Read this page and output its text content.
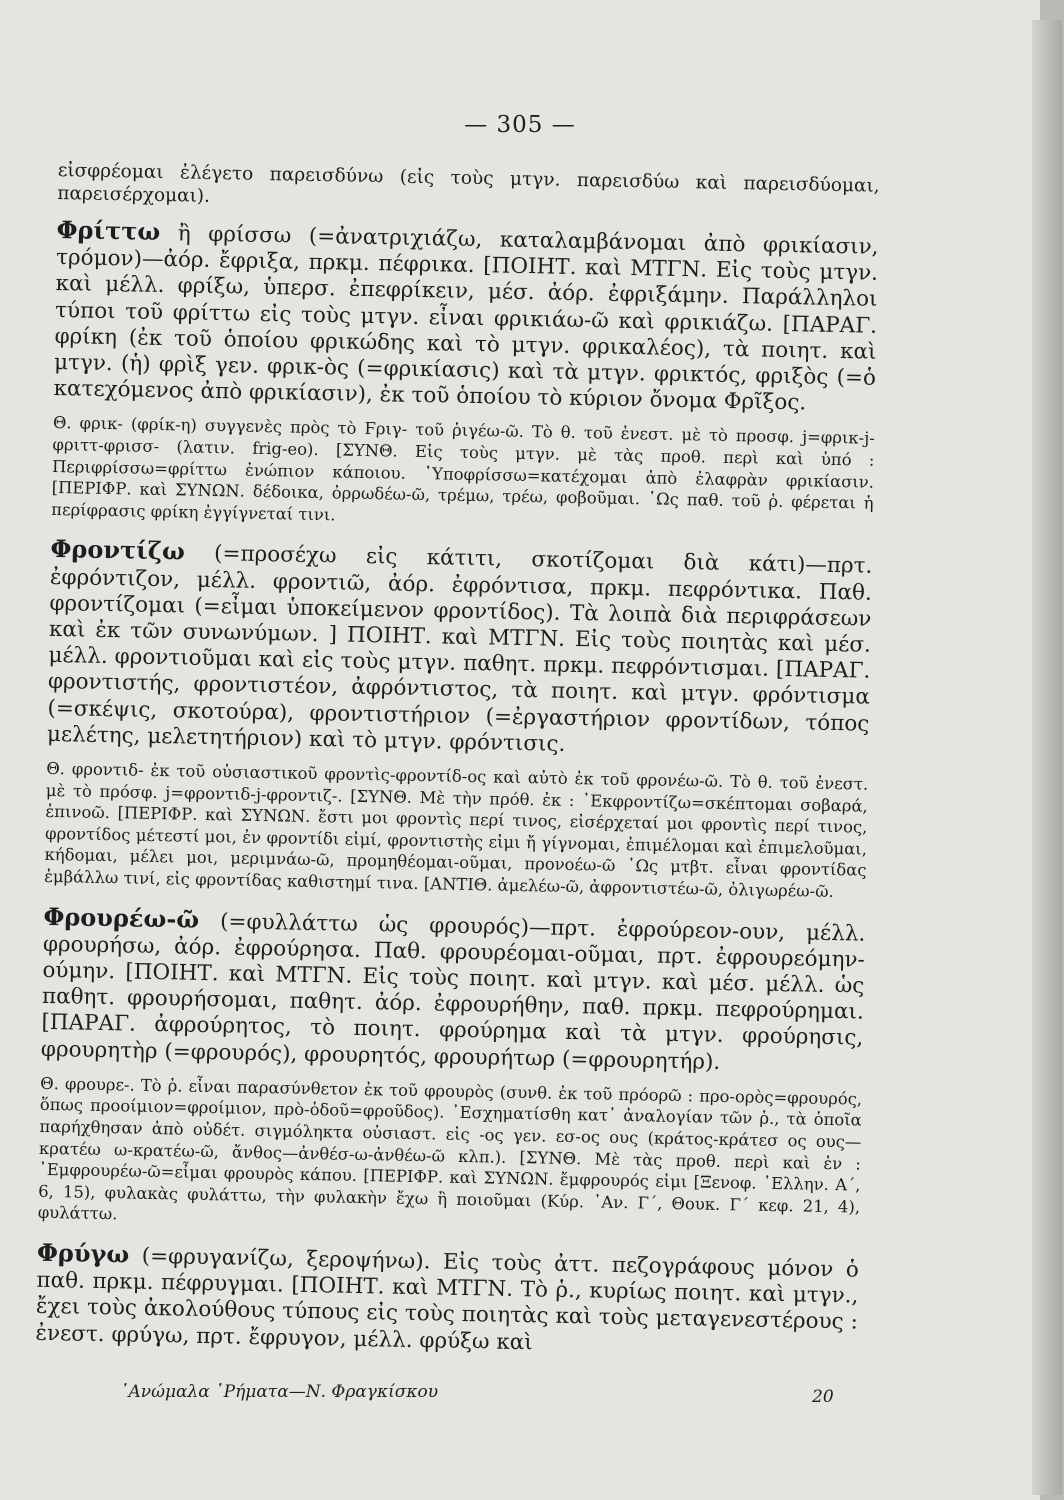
— 305 —

εἰσφρέομαι ἐλέγετο παρεισδύνω (εἰς τοὺς μτγν. παρεισδύω καὶ παρεισδύομαι, παρεισέρχομαι).

Φρίττω ἢ φρίσσω (=ἀνατριχιάζω, καταλαμβάνομαι ἀπὸ φρικίασιν, τρόμον)—ἀόρ. ἔφριξα, πρκμ. πέφρικα. [ΠΟΙΗΤ. καὶ ΜΤΓΝ. Εἰς τοὺς μτγν. καὶ μέλλ. φρίξω, ὑπερσ. ἐπεφρίκειν, μέσ. ἀόρ. ἐφριξάμην. Παράλληλοι τύποι τοῦ φρίττω εἰς τοὺς μτγν. εἶναι φρικιάω-ῶ καὶ φρικιάζω. [ΠΑΡΑΓ. φρίκη (ἐκ τοῦ ὁποίου φρικώδης καὶ τὸ μτγν. φρικαλέος), τὰ ποιητ. καὶ μτγν. (ἡ) φρὶξ γεν. φρικ-ὸς (=φρικίασις) καὶ τὰ μτγν. φρικτός, φριξὸς (=ὁ κατεχόμενος ἀπὸ φρικίασιν), ἐκ τοῦ ὁποίου τὸ κύριον ὄνομα Φρῖξος.

Θ. φρικ- (φρίκ-η) συγγενὲς πρὸς τὸ Ϝριγ- τοῦ ῥιγέω-ῶ. Τὸ θ. τοῦ ἐνεστ. μὲ τὸ προσφ. j=φρικ-j-φριττ-φρισσ- (λατιν. frig-eo). [ΣΥΝΘ. Εἰς τοὺς μτγν. μὲ τὰς προθ. περὶ καὶ ὑπό : Περιφρίσσω=φρίττω ἐνώπιον κάποιου. ῾Υποφρίσσω=κατέχομαι ἀπὸ ἐλαφρὰν φρικίασιν. [ΠΕΡΙΦΡ. καὶ ΣΥΝΩΝ. δέδοικα, ὀρρωδέω-ῶ, τρέμω, τρέω, φοβοῦμαι. ῾Ως παθ. τοῦ ῥ. φέρεται ἡ περίφρασις φρίκη ἐγγίγνεταί τινι.

Φροντίζω (=προσέχω εἰς κάτιτι, σκοτίζομαι διὰ κάτι)—πρτ. ἐφρόντιζον, μέλλ. φροντιῶ, ἀόρ. ἐφρόντισα, πρκμ. πεφρόντικα. Παθ. φροντίζομαι (=εἶμαι ὑποκείμενον φροντίδος). Τὰ λοιπὰ διὰ περιφράσεων καὶ ἐκ τῶν συνωνύμων. ] ΠΟΙΗΤ. καὶ ΜΤΓΝ. Εἰς τοὺς ποιητὰς καὶ μέσ. μέλλ. φροντιοῦμαι καὶ εἰς τοὺς μτγν. παθητ. πρκμ. πεφρόντισμαι. [ΠΑΡΑΓ. φροντιστής, φροντιστέον, ἀφρόντιστος, τὰ ποιητ. καὶ μτγν. φρόντισμα (=σκέψις, σκοτούρα), φροντιστήριον (=ἐργαστήριον φροντίδων, τόπος μελέτης, μελετητήριον) καὶ τὸ μτγν. φρόντισις.

Θ. φροντιδ- ἐκ τοῦ οὐσιαστικοῦ φροντὶς-φροντίδ-ος καὶ αὐτὸ ἐκ τοῦ φρονέω-ῶ. Τὸ θ. τοῦ ἐνεστ. μὲ τὸ πρόσφ. j=φροντιδ-j-φροντιζ-. [ΣΥΝΘ. Μὲ τὴν πρόθ. ἐκ : ᾿Εκφροντίζω=σκέπτομαι σοβαρά, ἐπινοῶ. [ΠΕΡΙΦΡ. καὶ ΣΥΝΩΝ. ἔστι μοι φροντὶς περί τινος, εἰσέρχεταί μοι φροντὶς περί τινος, φροντίδος μέτεστί μοι, ἐν φροντίδι εἰμί, φροντιστὴς εἰμι ἤ γίγνομαι, ἐπιμέλομαι καὶ ἐπιμελοῦμαι, κήδομαι, μέλει μοι, μεριμνάω-ῶ, προμηθέομαι-οῦμαι, προνοέω-ῶ ῾Ως μτβτ. εἶναι φροντίδας ἐμβάλλω τινί, εἰς φροντίδας καθιστημί τινα. [ΑΝΤΙΘ. ἀμελέω-ῶ, ἀφροντιστέω-ῶ, ὀλιγωρέω-ῶ.

Φρουρέω-ῶ (=φυλλάττω ὡς φρουρός)—πρτ. ἐφρούρεον-ουν, μέλλ. φρουρήσω, ἀόρ. ἐφρούρησα. Παθ. φρουρέομαι-οῦμαι, πρτ. ἐφρουρεόμην-ούμην. [ΠΟΙΗΤ. καὶ ΜΤΓΝ. Εἰς τοὺς ποιητ. καὶ μτγν. καὶ μέσ. μέλλ. ὡς παθητ. φρουρήσομαι, παθητ. ἀόρ. ἐφρουρήθην, παθ. πρκμ. πεφρούρημαι. [ΠΑΡΑΓ. ἀφρούρητος, τὸ ποιητ. φρούρημα καὶ τὰ μτγν. φρούρησις, φρουρητὴρ (=φρουρός), φρουρητός, φρουρήτωρ (=φρουρητήρ).

Θ. φρουρε-. Τὸ ῥ. εἶναι παρασύνθετον ἐκ τοῦ φρουρὸς (συνθ. ἐκ τοῦ πρόορῶ : προ-ορὸς=φρουρός, ὅπως προοίμιον=φροίμιον, πρὸ-ὁδοῦ=φροῦδος). ᾿Εσχηματίσθη κατ᾿ ἀναλογίαν τῶν ῥ., τὰ ὁποῖα παρήχθησαν ἀπὸ οὐδέτ. σιγμόληκτα οὐσιαστ. εἰς -ος γεν. εσ-ος ους (κράτος-κράτεσ ος ους—κρατέω ω-κρατέω-ῶ, ἄνθος—ἀνθέσ-ω-ἀνθέω-ῶ κλπ.). [ΣΥΝΘ. Μὲ τὰς προθ. περὶ καὶ ἐν : ᾿Εμφρουρέω-ῶ=εἶμαι φρουρὸς κάπου. [ΠΕΡΙΦΡ. καὶ ΣΥΝΩΝ. ἔμφρουρός εἰμι [Ξενοφ. ῾Ελλην. Α΄, 6, 15), φυλακὰς φυλάττω, τὴν φυλακὴν ἔχω ἢ ποιοῦμαι (Κύρ. ᾿Αν. Γ΄, Θουκ. Γ΄ κεφ. 21, 4), φυλάττω.

Φρύγω (=φρυγανίζω, ξεροψήνω). Εἰς τοὺς ἀττ. πεζογράφους μόνον ὁ παθ. πρκμ. πέφρυγμαι. [ΠΟΙΗΤ. καὶ ΜΤΓΝ. Τὸ ῥ., κυρίως ποιητ. καὶ μτγν., ἔχει τοὺς ἀκολούθους τύπους εἰς τοὺς ποιητὰς καὶ τοὺς μεταγενεστέρους : ἐνεστ. φρύγω, πρτ. ἔφρυγον, μέλλ. φρύξω καὶ

᾿Ανώμαλα ῾Ρήματα—Ν. Φραγκίσκου	20
